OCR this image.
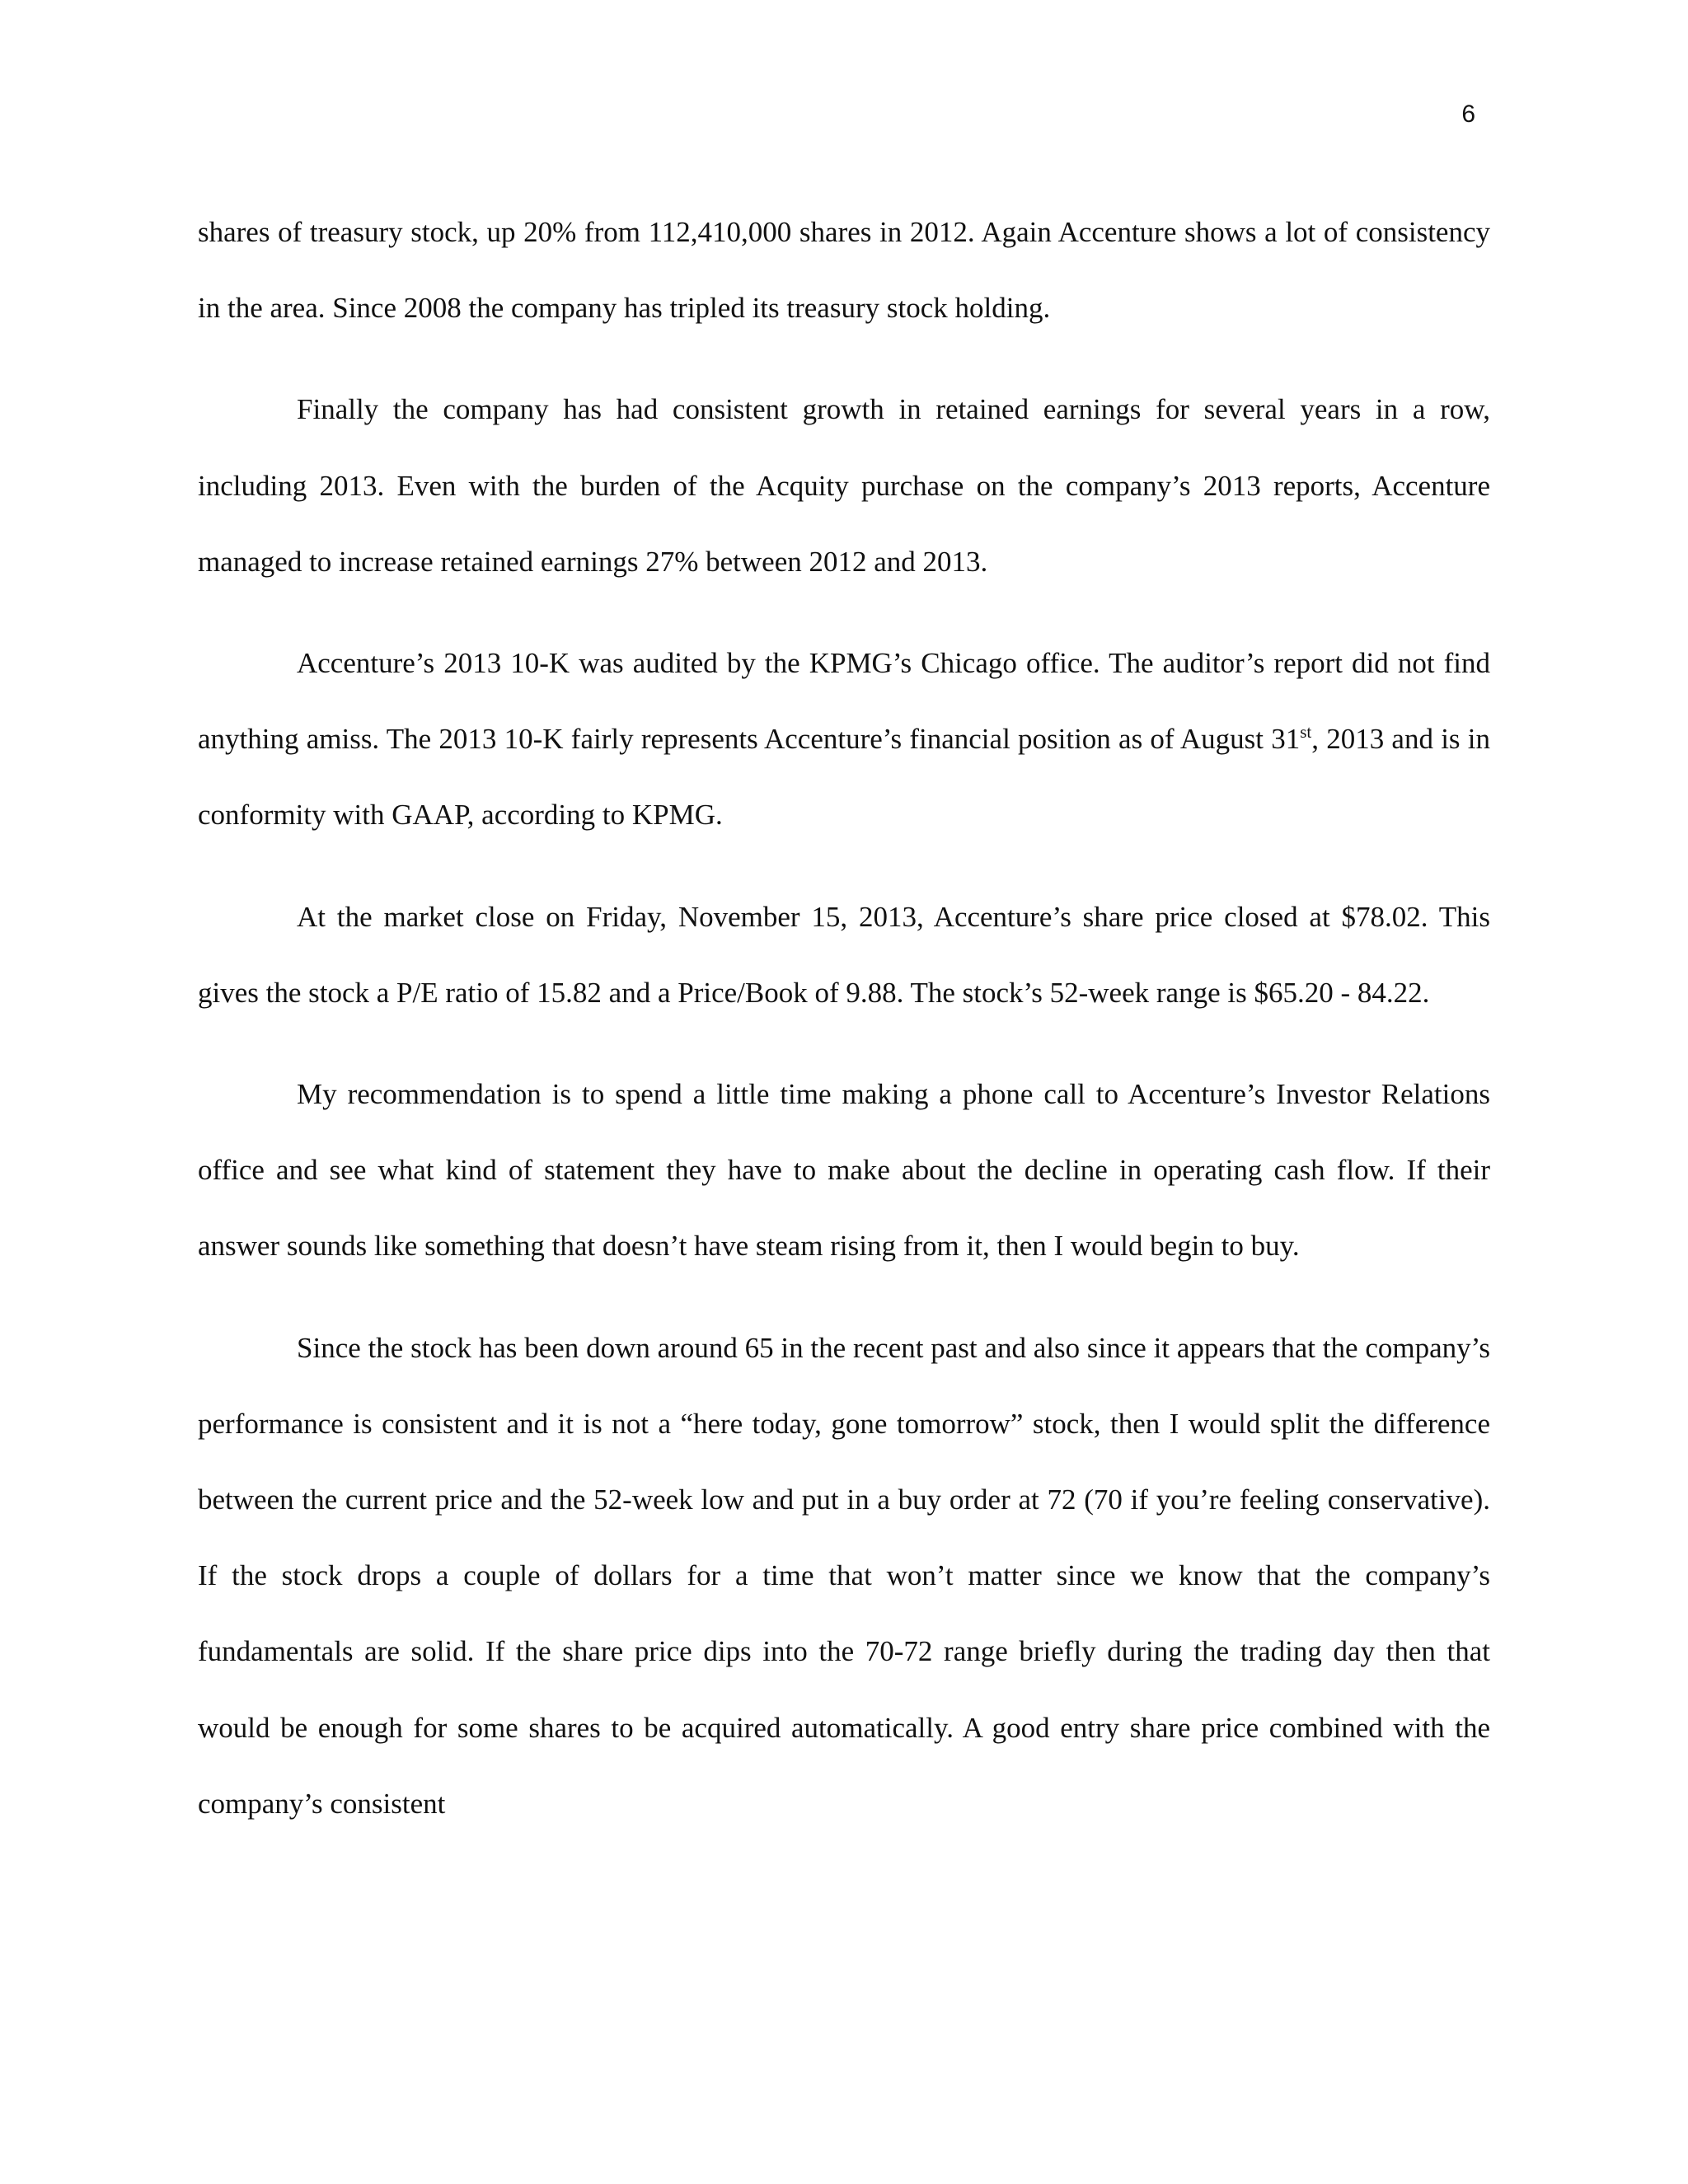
6

shares of treasury stock, up 20% from 112,410,000 shares in 2012. Again Accenture shows a lot of consistency in the area. Since 2008 the company has tripled its treasury stock holding.

Finally the company has had consistent growth in retained earnings for several years in a row, including 2013. Even with the burden of the Acquity purchase on the company’s 2013 reports, Accenture managed to increase retained earnings 27% between 2012 and 2013.

Accenture’s 2013 10-K was audited by the KPMG’s Chicago office. The auditor’s report did not find anything amiss. The 2013 10-K fairly represents Accenture’s financial position as of August 31st, 2013 and is in conformity with GAAP, according to KPMG.

At the market close on Friday, November 15, 2013, Accenture’s share price closed at $78.02. This gives the stock a P/E ratio of 15.82 and a Price/Book of 9.88. The stock’s 52-week range is $65.20 - 84.22.

My recommendation is to spend a little time making a phone call to Accenture’s Investor Relations office and see what kind of statement they have to make about the decline in operating cash flow. If their answer sounds like something that doesn’t have steam rising from it, then I would begin to buy.

Since the stock has been down around 65 in the recent past and also since it appears that the company’s performance is consistent and it is not a “here today, gone tomorrow” stock, then I would split the difference between the current price and the 52-week low and put in a buy order at 72 (70 if you’re feeling conservative). If the stock drops a couple of dollars for a time that won’t matter since we know that the company’s fundamentals are solid. If the share price dips into the 70-72 range briefly during the trading day then that would be enough for some shares to be acquired automatically. A good entry share price combined with the company’s consistent
